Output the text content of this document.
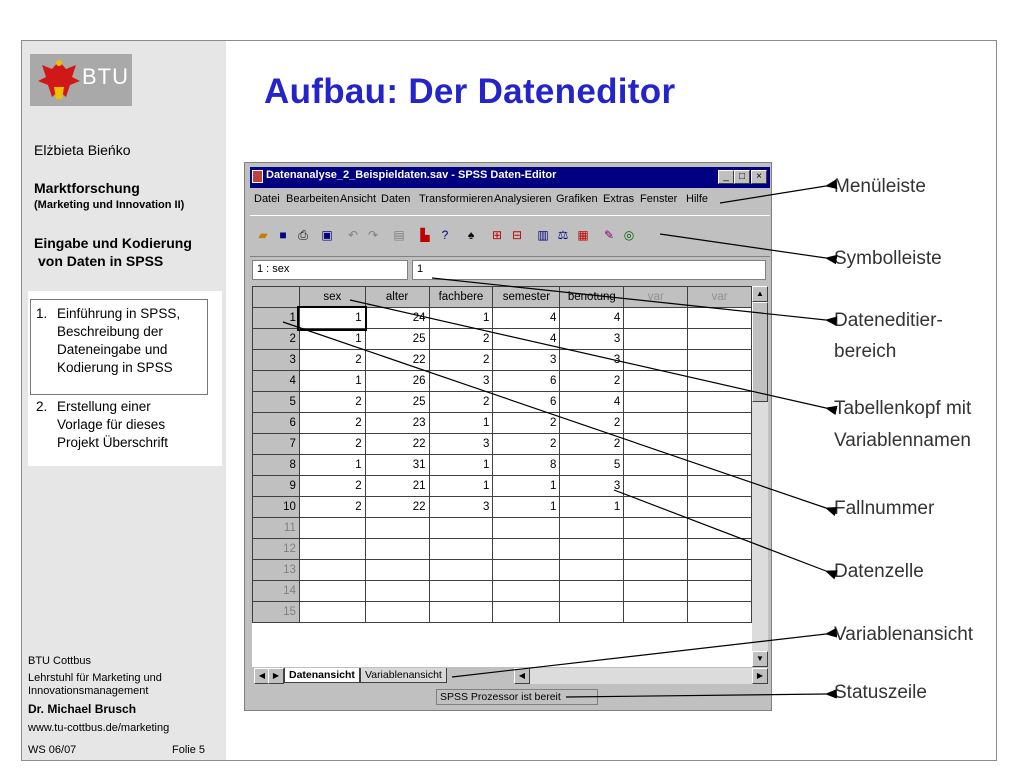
BTU
Elżbieta Bieńko
Marktforschung
(Marketing und Innovation II)
Eingabe und Kodierung
von Daten in SPSS
1. Einführung in SPSS,
Beschreibung der
Dateneingabe und
Kodierung in SPSS
2. Erstellung einer
Vorlage für dieses
Projekt Überschrift
BTU Cottbus
Lehrstuhl für Marketing und
Innovationsmanagement
Dr. Michael Brusch
www.tu-cottbus.de/marketing
WS 06/07	Folie 5
Aufbau: Der Dateneditor
Datenanalyse_2_Beispieldaten.sav - SPSS Daten-Editor	_	□	×
Datei Bearbeiten Ansicht Daten Transformieren Analysieren Grafiken Extras Fenster Hilfe
▰ ■ ⎙	▣	↶ ↷	▤	▙	?	♠	⊞ ⊟	▥ ⚖ ▦	✎ ◎
1 : sex	1
	sex	alter	fachbere	semester	benotung	var	var
1	1	24	1	4	4		
2	1	25	2	4	3		
3	2	22	2	3	3		
4	1	26	3	6	2		
5	2	25	2	6	4		
6	2	23	1	2	2		
7	2	22	3	2	2		
8	1	31	1	8	5		
9	2	21	1	1	3		
10	2	22	3	1	1		
11							
12							
13							
14							
15							
▲
▼
◀ ▶ Datenansicht Variablenansicht	◀	▶
SPSS Prozessor ist bereit
Menüleiste
Symbolleiste
Dateneditier-
bereich
Tabellenkopf mit
Variablennamen
Fallnummer
Datenzelle
Variablenansicht
Statuszeile
